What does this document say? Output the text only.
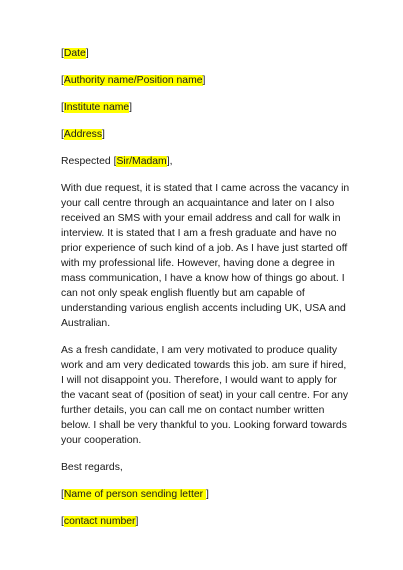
[Date]

[Authority name/Position name]

[Institute name]

[Address]

Respected [Sir/Madam],

With due request, it is stated that I came across the vacancy in your call centre through an acquaintance and later on I also received an SMS with your email address and call for walk in interview. It is stated that I am a fresh graduate and have no prior experience of such kind of a job. As I have just started off with my professional life. However, having done a degree in mass communication, I have a know how of things go about. I can not only speak english fluently but am capable of understanding various english accents including UK, USA and Australian.

As a fresh candidate, I am very motivated to produce quality work and am very dedicated towards this job. am sure if hired, I will not disappoint you. Therefore, I would want to apply for the vacant seat of (position of seat) in your call centre. For any further details, you can call me on contact number written below. I shall be very thankful to you. Looking forward towards your cooperation.

Best regards,

[Name of person sending letter ]

[contact number]
